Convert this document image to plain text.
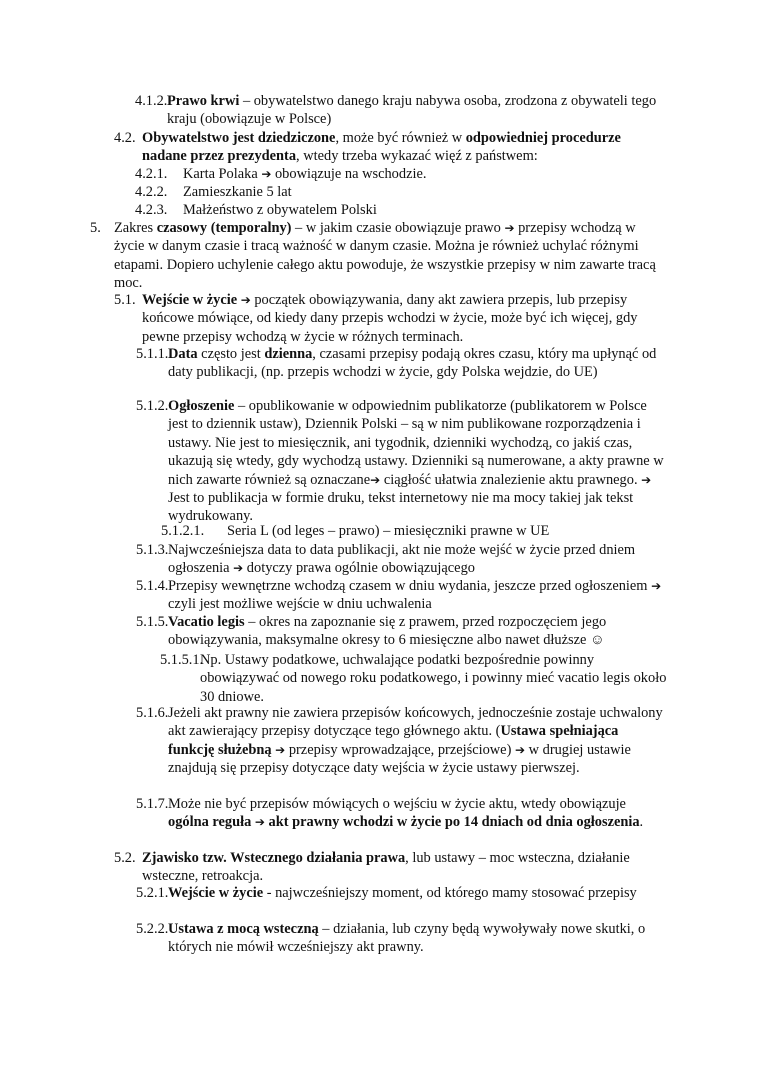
4.1.2. Prawo krwi – obywatelstwo danego kraju nabywa osoba, zrodzona z obywateli tego kraju (obowiązuje w Polsce)
4.2. Obywatelstwo jest dziedziczone, może być również w odpowiedniej procedurze nadane przez prezydenta, wtedy trzeba wykazać więź z państwem:
4.2.1. Karta Polaka ➔ obowiązuje na wschodzie.
4.2.2. Zamieszkanie 5 lat
4.2.3. Małżeństwo z obywatelem Polski
5. Zakres czasowy (temporalny) – w jakim czasie obowiązuje prawo ➔ przepisy wchodzą w życie w danym czasie i tracą ważność w danym czasie. Można je również uchylać różnymi etapami. Dopiero uchylenie całego aktu powoduje, że wszystkie przepisy w nim zawarte tracą moc.
5.1. Wejście w życie ➔ początek obowiązywania, dany akt zawiera przepis, lub przepisy końcowe mówiące, od kiedy dany przepis wchodzi w życie, może być ich więcej, gdy pewne przepisy wchodzą w życie w różnych terminach.
5.1.1. Data często jest dzienna, czasami przepisy podają okres czasu, który ma upłynąć od daty publikacji, (np. przepis wchodzi w życie, gdy Polska wejdzie, do UE)
5.1.2. Ogłoszenie – opublikowanie w odpowiednim publikatorze (publikatorem w Polsce jest to dziennik ustaw), Dziennik Polski – są w nim publikowane rozporządzenia i ustawy. Nie jest to miesięcznik, ani tygodnik, dzienniki wychodzą, co jakiś czas, ukazują się wtedy, gdy wychodzą ustawy. Dzienniki są numerowane, a akty prawne w nich zawarte również są oznaczane➔ ciągłość ułatwia znalezienie aktu prawnego. ➔ Jest to publikacja w formie druku, tekst internetowy nie ma mocy takiej jak tekst wydrukowany.
5.1.2.1. Seria L (od leges – prawo) – miesięczniki prawne w UE
5.1.3. Najwcześniejsza data to data publikacji, akt nie może wejść w życie przed dniem ogłoszenia ➔ dotyczy prawa ogólnie obowiązującego
5.1.4. Przepisy wewnętrzne wchodzą czasem w dniu wydania, jeszcze przed ogłoszeniem ➔ czyli jest możliwe wejście w dniu uchwalenia
5.1.5. Vacatio legis – okres na zapoznanie się z prawem, przed rozpoczęciem jego obowiązywania, maksymalne okresy to 6 miesięczne albo nawet dłuższe ☺
5.1.5.1.
Np. Ustawy podatkowe, uchwalające podatki bezpośrednie powinny obowiązywać od nowego roku podatkowego, i powinny mieć vacatio legis około 30 dniowe.
5.1.6. Jeżeli akt prawny nie zawiera przepisów końcowych, jednocześnie zostaje uchwalony akt zawierający przepisy dotyczące tego głównego aktu. (Ustawa spełniająca funkcję służebną ➔ przepisy wprowadzające, przejściowe) ➔ w drugiej ustawie znajdują się przepisy dotyczące daty wejścia w życie ustawy pierwszej.
5.1.7. Może nie być przepisów mówiących o wejściu w życie aktu, wtedy obowiązuje ogólna reguła ➔ akt prawny wchodzi w życie po 14 dniach od dnia ogłoszenia.
5.2. Zjawisko tzw. Wstecznego działania prawa, lub ustawy – moc wsteczna, działanie wsteczne, retroakcja.
5.2.1. Wejście w życie - najwcześniejszy moment, od którego mamy stosować przepisy
5.2.2. Ustawa z mocą wsteczną – działania, lub czyny będą wywoływały nowe skutki, o których nie mówił wcześniejszy akt prawny.
